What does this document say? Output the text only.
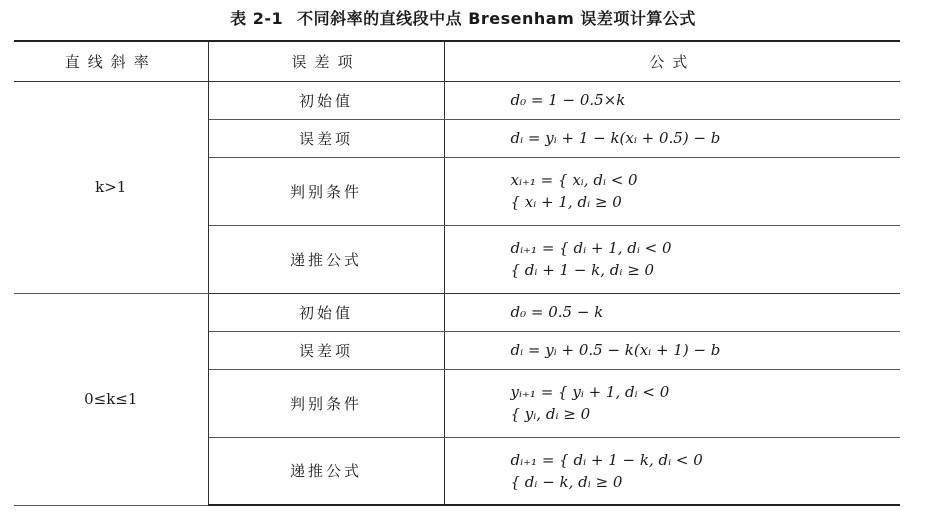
表 2-1 不同斜率的直线段中点 Bresenham 误差项计算公式
直线斜率	误差项	公式
k>1	初始值	d₀ = 1 − 0.5×k

	误差项	dᵢ = yᵢ + 1 − k(xᵢ + 0.5) − b

	判别条件	xᵢ₊₁ = { xᵢ, dᵢ < 0
{ xᵢ + 1, dᵢ ≥ 0

	递推公式	dᵢ₊₁ = { dᵢ + 1, dᵢ < 0
{ dᵢ + 1 − k, dᵢ ≥ 0

0≤k≤1	初始值	d₀ = 0.5 − k

	误差项	dᵢ = yᵢ + 0.5 − k(xᵢ + 1) − b

	判别条件	yᵢ₊₁ = { yᵢ + 1, dᵢ < 0
{ yᵢ, dᵢ ≥ 0

	递推公式	dᵢ₊₁ = { dᵢ + 1 − k, dᵢ < 0
{ dᵢ − k, dᵢ ≥ 0
